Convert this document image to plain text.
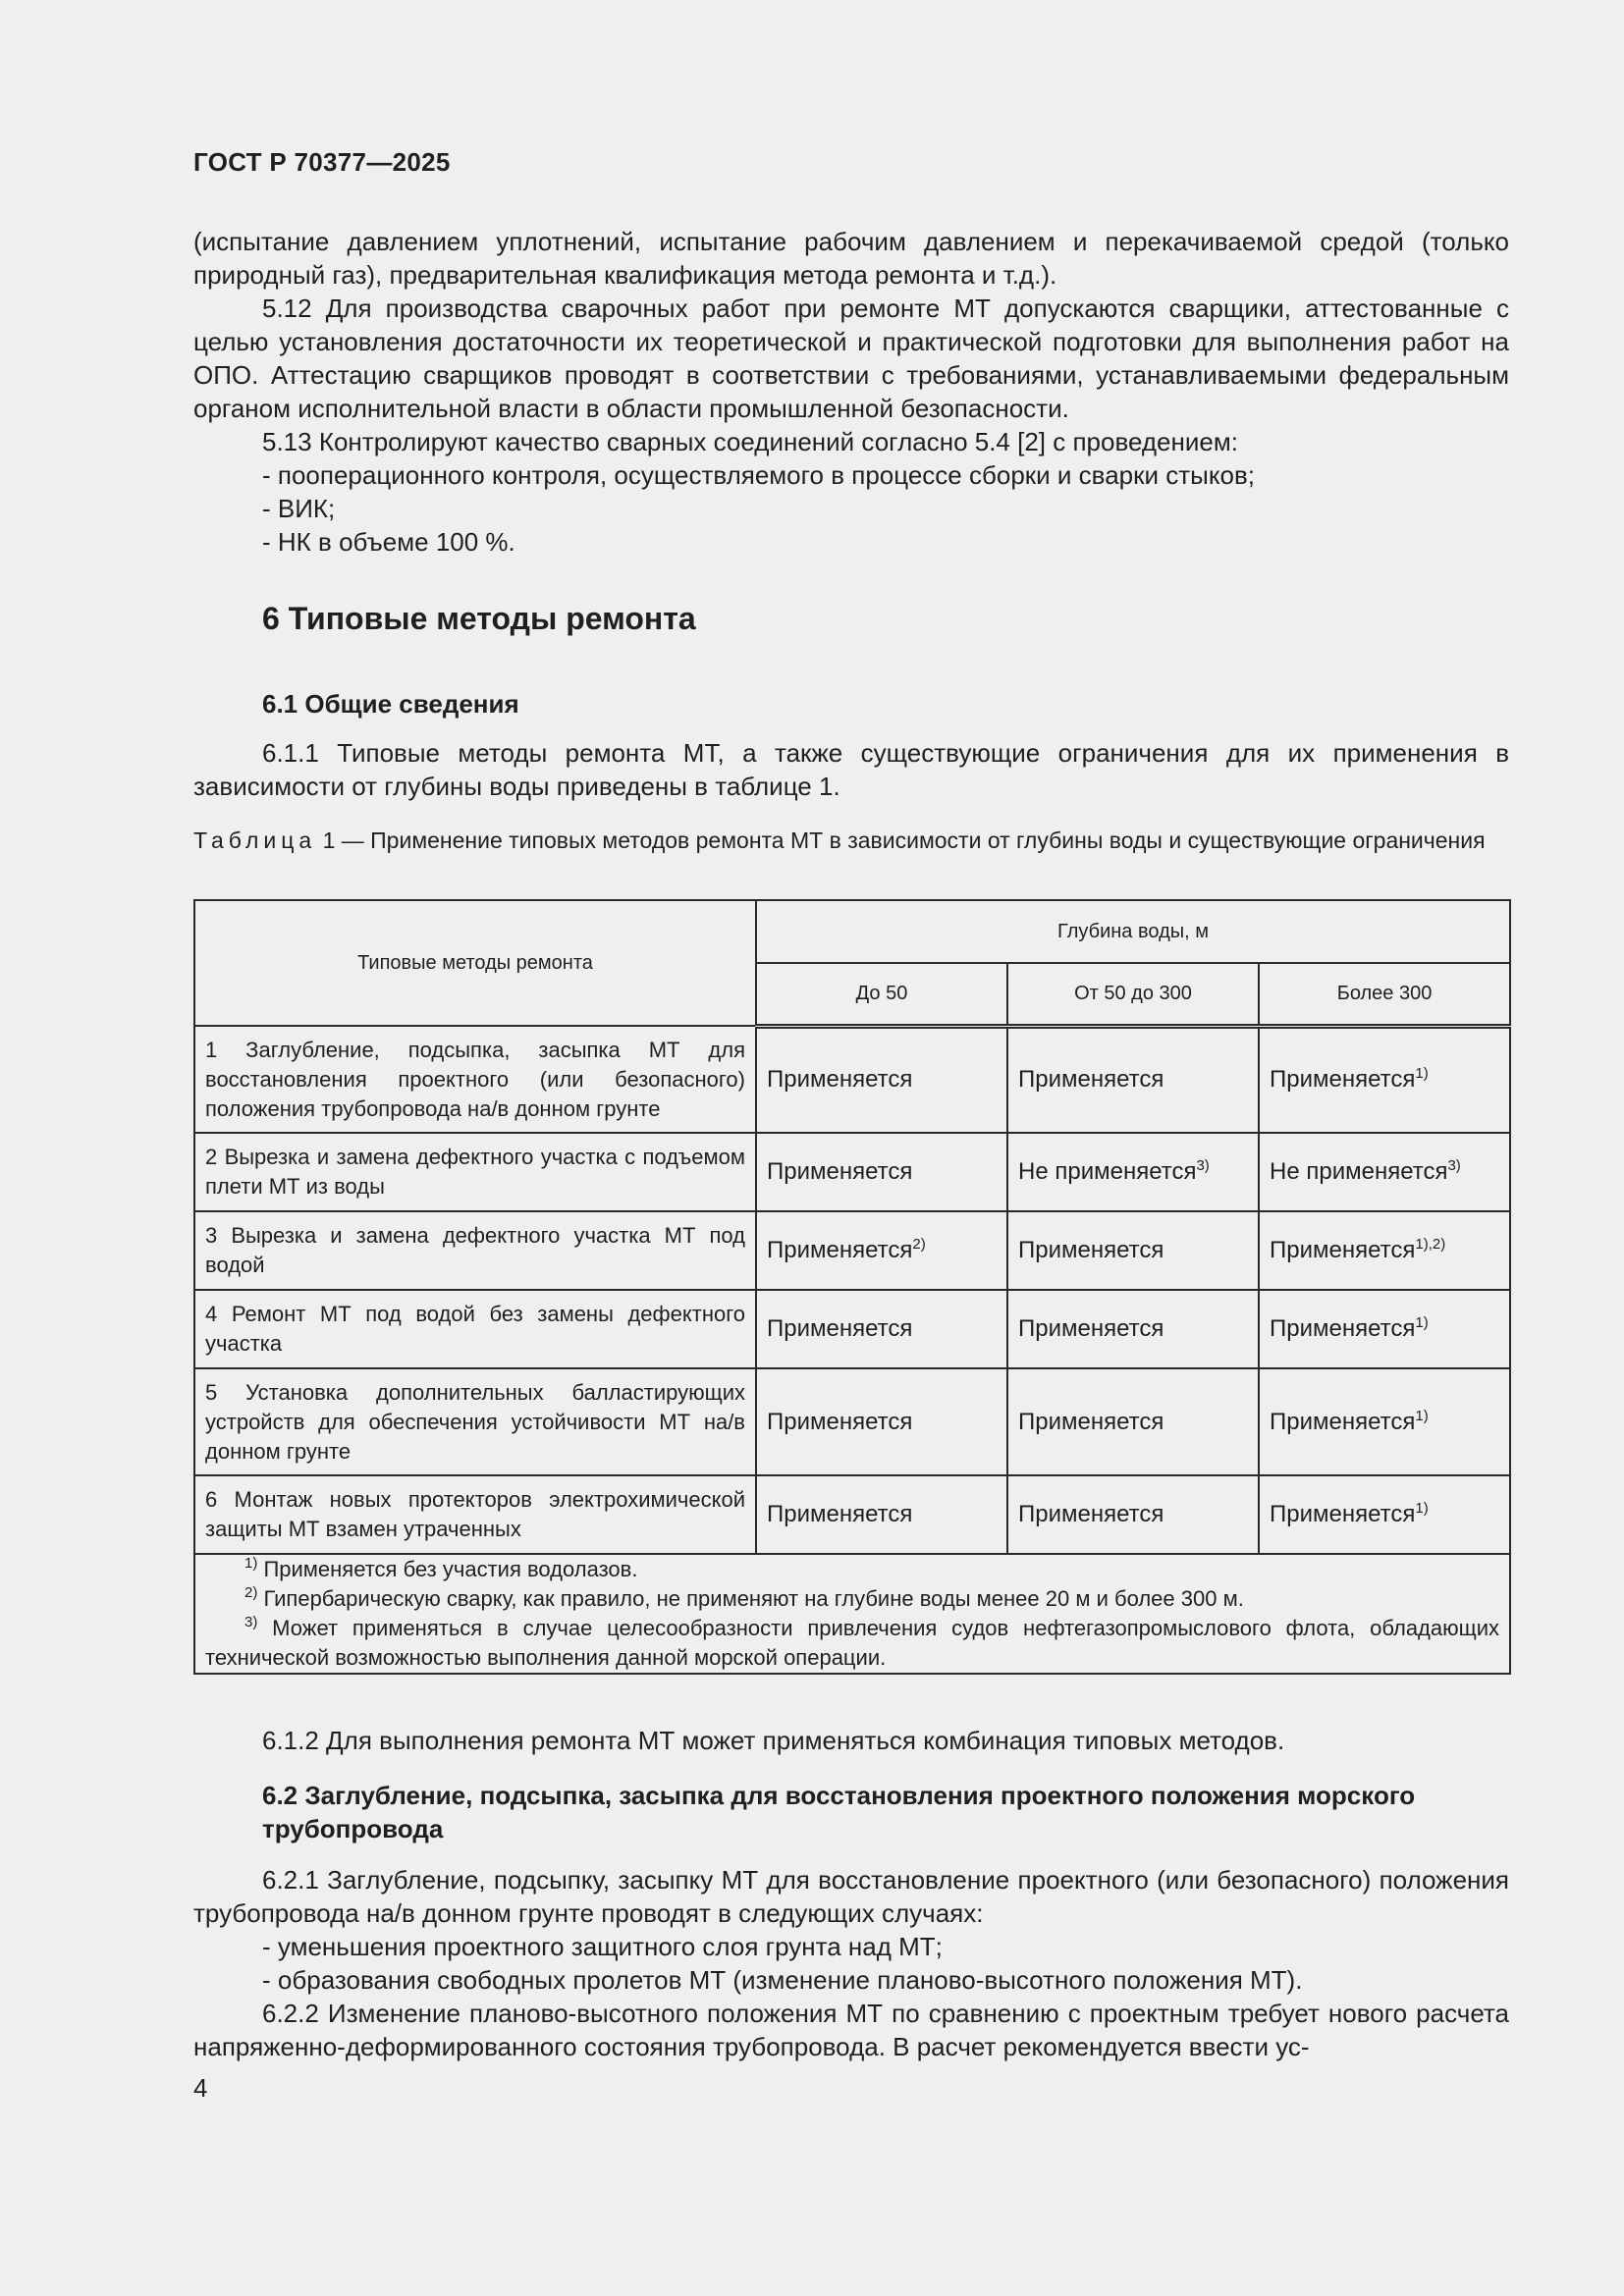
ГОСТ Р 70377—2025

(испытание давлением уплотнений, испытание рабочим давлением и перекачиваемой средой (только

природный газ), предварительная квалификация метода ремонта и т.д.).

5.12 Для производства сварочных работ при ремонте МТ допускаются сварщики, аттестованные с целью установления достаточности их теоретической и практической подготовки для выполнения работ на ОПО. Аттестацию сварщиков проводят в соответствии с требованиями, устанавливаемыми федеральным органом исполнительной власти в области промышленной безопасности.

5.13 Контролируют качество сварных соединений согласно 5.4 [2] с проведением:

- пооперационного контроля, осуществляемого в процессе сборки и сварки стыков;

- ВИК;

- НК в объеме 100 %.

6 Типовые методы ремонта
6.1 Общие сведения

6.1.1 Типовые методы ремонта МТ, а также существующие ограничения для их применения в зависимости от глубины воды приведены в таблице 1.

Таблица 1 — Применение типовых методов ремонта МТ в зависимости от глубины воды и существующие ограничения

Типовые методы ремонта	Глубина воды, м		
	До 50	От 50 до 300	Более 300
1 Заглубление, подсыпка, засыпка МТ для восстановления проектного (или безопасного) положения трубопровода на/в донном грунте	Применяется	Применяется	Применяется$^{1)}$
2 Вырезка и замена дефектного участка с подъемом плети МТ из воды	Применяется	Не применяется$^{3)}$	Не применяется$^{3)}$
3 Вырезка и замена дефектного участка МТ под водой	Применяется$^{2)}$	Применяется	Применяется$^{1),2)}$
4 Ремонт МТ под водой без замены дефектного участка	Применяется	Применяется	Применяется$^{1)}$
5 Установка дополнительных балластирующих устройств для обеспечения устойчивости МТ на/в донном грунте	Применяется	Применяется	Применяется$^{1)}$
6 Монтаж новых протекторов электрохимической защиты МТ взамен утраченных	Применяется	Применяется	Применяется$^{1)}$

$^{1)}$ Применяется без участия водолазов.

$^{2)}$ Гипербарическую сварку, как правило, не применяют на глубине воды менее 20 м и более 300 м.

$^{3)}$ Может применяться в случае целесообразности привлечения судов нефтегазопромыслового флота, обладающих технической возможностью выполнения данной морской операции.			

6.1.2 Для выполнения ремонта МТ может применяться комбинация типовых методов.

6.2 Заглубление, подсыпка, засыпка для восстановления проектного положения морского
трубопровода

6.2.1 Заглубление, подсыпку, засыпку МТ для восстановление проектного (или безопасного) положения трубопровода на/в донном грунте проводят в следующих случаях:

- уменьшения проектного защитного слоя грунта над МТ;

- образования свободных пролетов МТ (изменение планово-высотного положения МТ).

6.2.2 Изменение планово-высотного положения МТ по сравнению с проектным требует нового расчета напряженно-деформированного состояния трубопровода. В расчет рекомендуется ввести ус-

4
